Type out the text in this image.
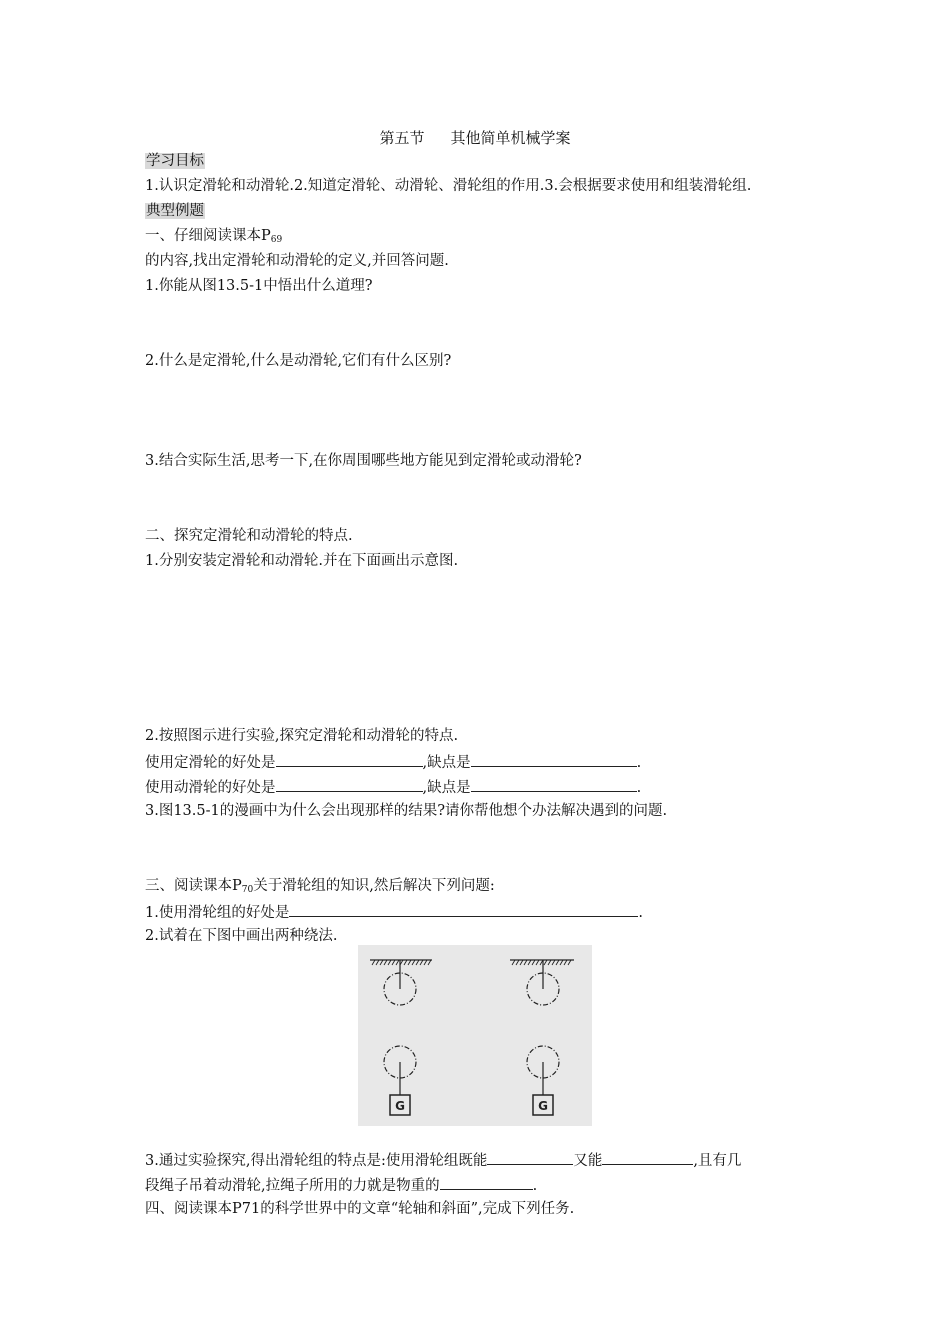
第五节 其他简单机械学案
学习目标
1.认识定滑轮和动滑轮.2.知道定滑轮、动滑轮、滑轮组的作用.3.会根据要求使用和组装滑轮组.
典型例题
一、仔细阅读课本$P_{69}$
的内容,找出定滑轮和动滑轮的定义,并回答问题.
1.你能从图13.5-1中悟出什么道理?
2.什么是定滑轮,什么是动滑轮,它们有什么区别?
3.结合实际生活,思考一下,在你周围哪些地方能见到定滑轮或动滑轮?
二、探究定滑轮和动滑轮的特点.
1.分别安装定滑轮和动滑轮.并在下面画出示意图.
2.按照图示进行实验,探究定滑轮和动滑轮的特点.
使用定滑轮的好处是	,缺点是	.
使用动滑轮的好处是	,缺点是	.
3.图13.5-1的漫画中为什么会出现那样的结果?请你帮他想个办法解决遇到的问题.
三、阅读课本$P_{70}$关于滑轮组的知识,然后解决下列问题:
1.使用滑轮组的好处是	.
2.试着在下图中画出两种绕法.
G	G
3.通过实验探究,得出滑轮组的特点是:使用滑轮组既能	又能	,且有几
段绳子吊着动滑轮,拉绳子所用的力就是物重的	.
四、阅读课本P71的科学世界中的文章“轮轴和斜面”,完成下列任务.
